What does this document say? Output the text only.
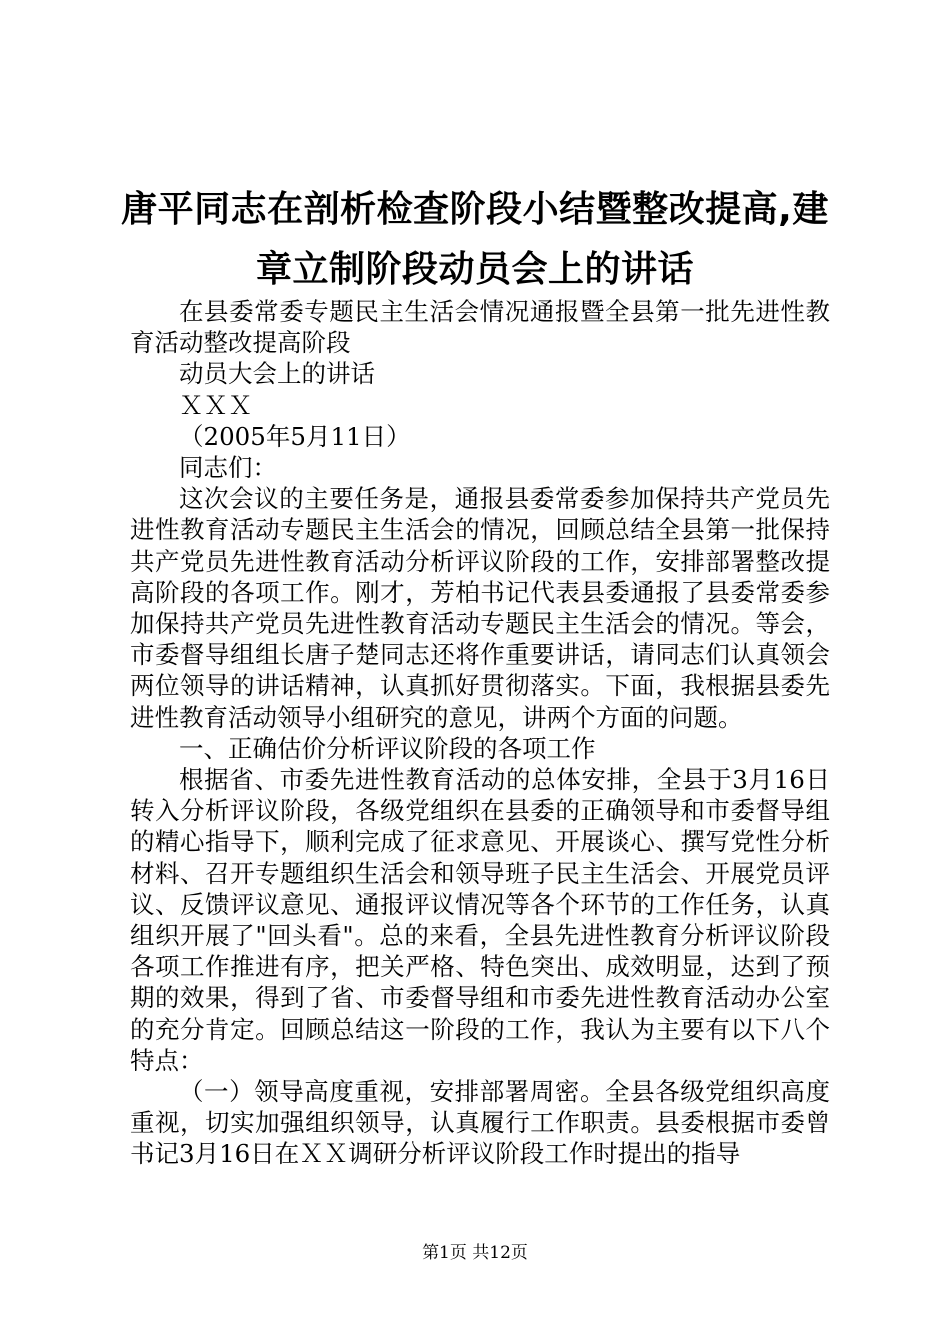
唐平同志在剖析检查阶段小结暨整改提高,建
章立制阶段动员会上的讲话

在县委常委专题民主生活会情况通报暨全县第一批先进性教育活动整改提高阶段

动员大会上的讲话

ＸＸＸ

（2005年5月11日）

同志们：

这次会议的主要任务是，通报县委常委参加保持共产党员先进性教育活动专题民主生活会的情况，回顾总结全县第一批保持共产党员先进性教育活动分析评议阶段的工作，安排部署整改提高阶段的各项工作。刚才，芳柏书记代表县委通报了县委常委参加保持共产党员先进性教育活动专题民主生活会的情况。等会，市委督导组组长唐子楚同志还将作重要讲话，请同志们认真领会两位领导的讲话精神，认真抓好贯彻落实。下面，我根据县委先进性教育活动领导小组研究的意见，讲两个方面的问题。

一、正确估价分析评议阶段的各项工作

根据省、市委先进性教育活动的总体安排，全县于3月16日转入分析评议阶段，各级党组织在县委的正确领导和市委督导组的精心指导下，顺利完成了征求意见、开展谈心、撰写党性分析材料、召开专题组织生活会和领导班子民主生活会、开展党员评议、反馈评议意见、通报评议情况等各个环节的工作任务，认真组织开展了"回头看"。总的来看，全县先进性教育分析评议阶段各项工作推进有序，把关严格、特色突出、成效明显，达到了预期的效果，得到了省、市委督导组和市委先进性教育活动办公室的充分肯定。回顾总结这一阶段的工作，我认为主要有以下八个特点：

（一）领导高度重视，安排部署周密。全县各级党组织高度重视，切实加强组织领导，认真履行工作职责。县委根据市委曾书记3月16日在ＸＸ调研分析评议阶段工作时提出的指导

第1页 共12页
